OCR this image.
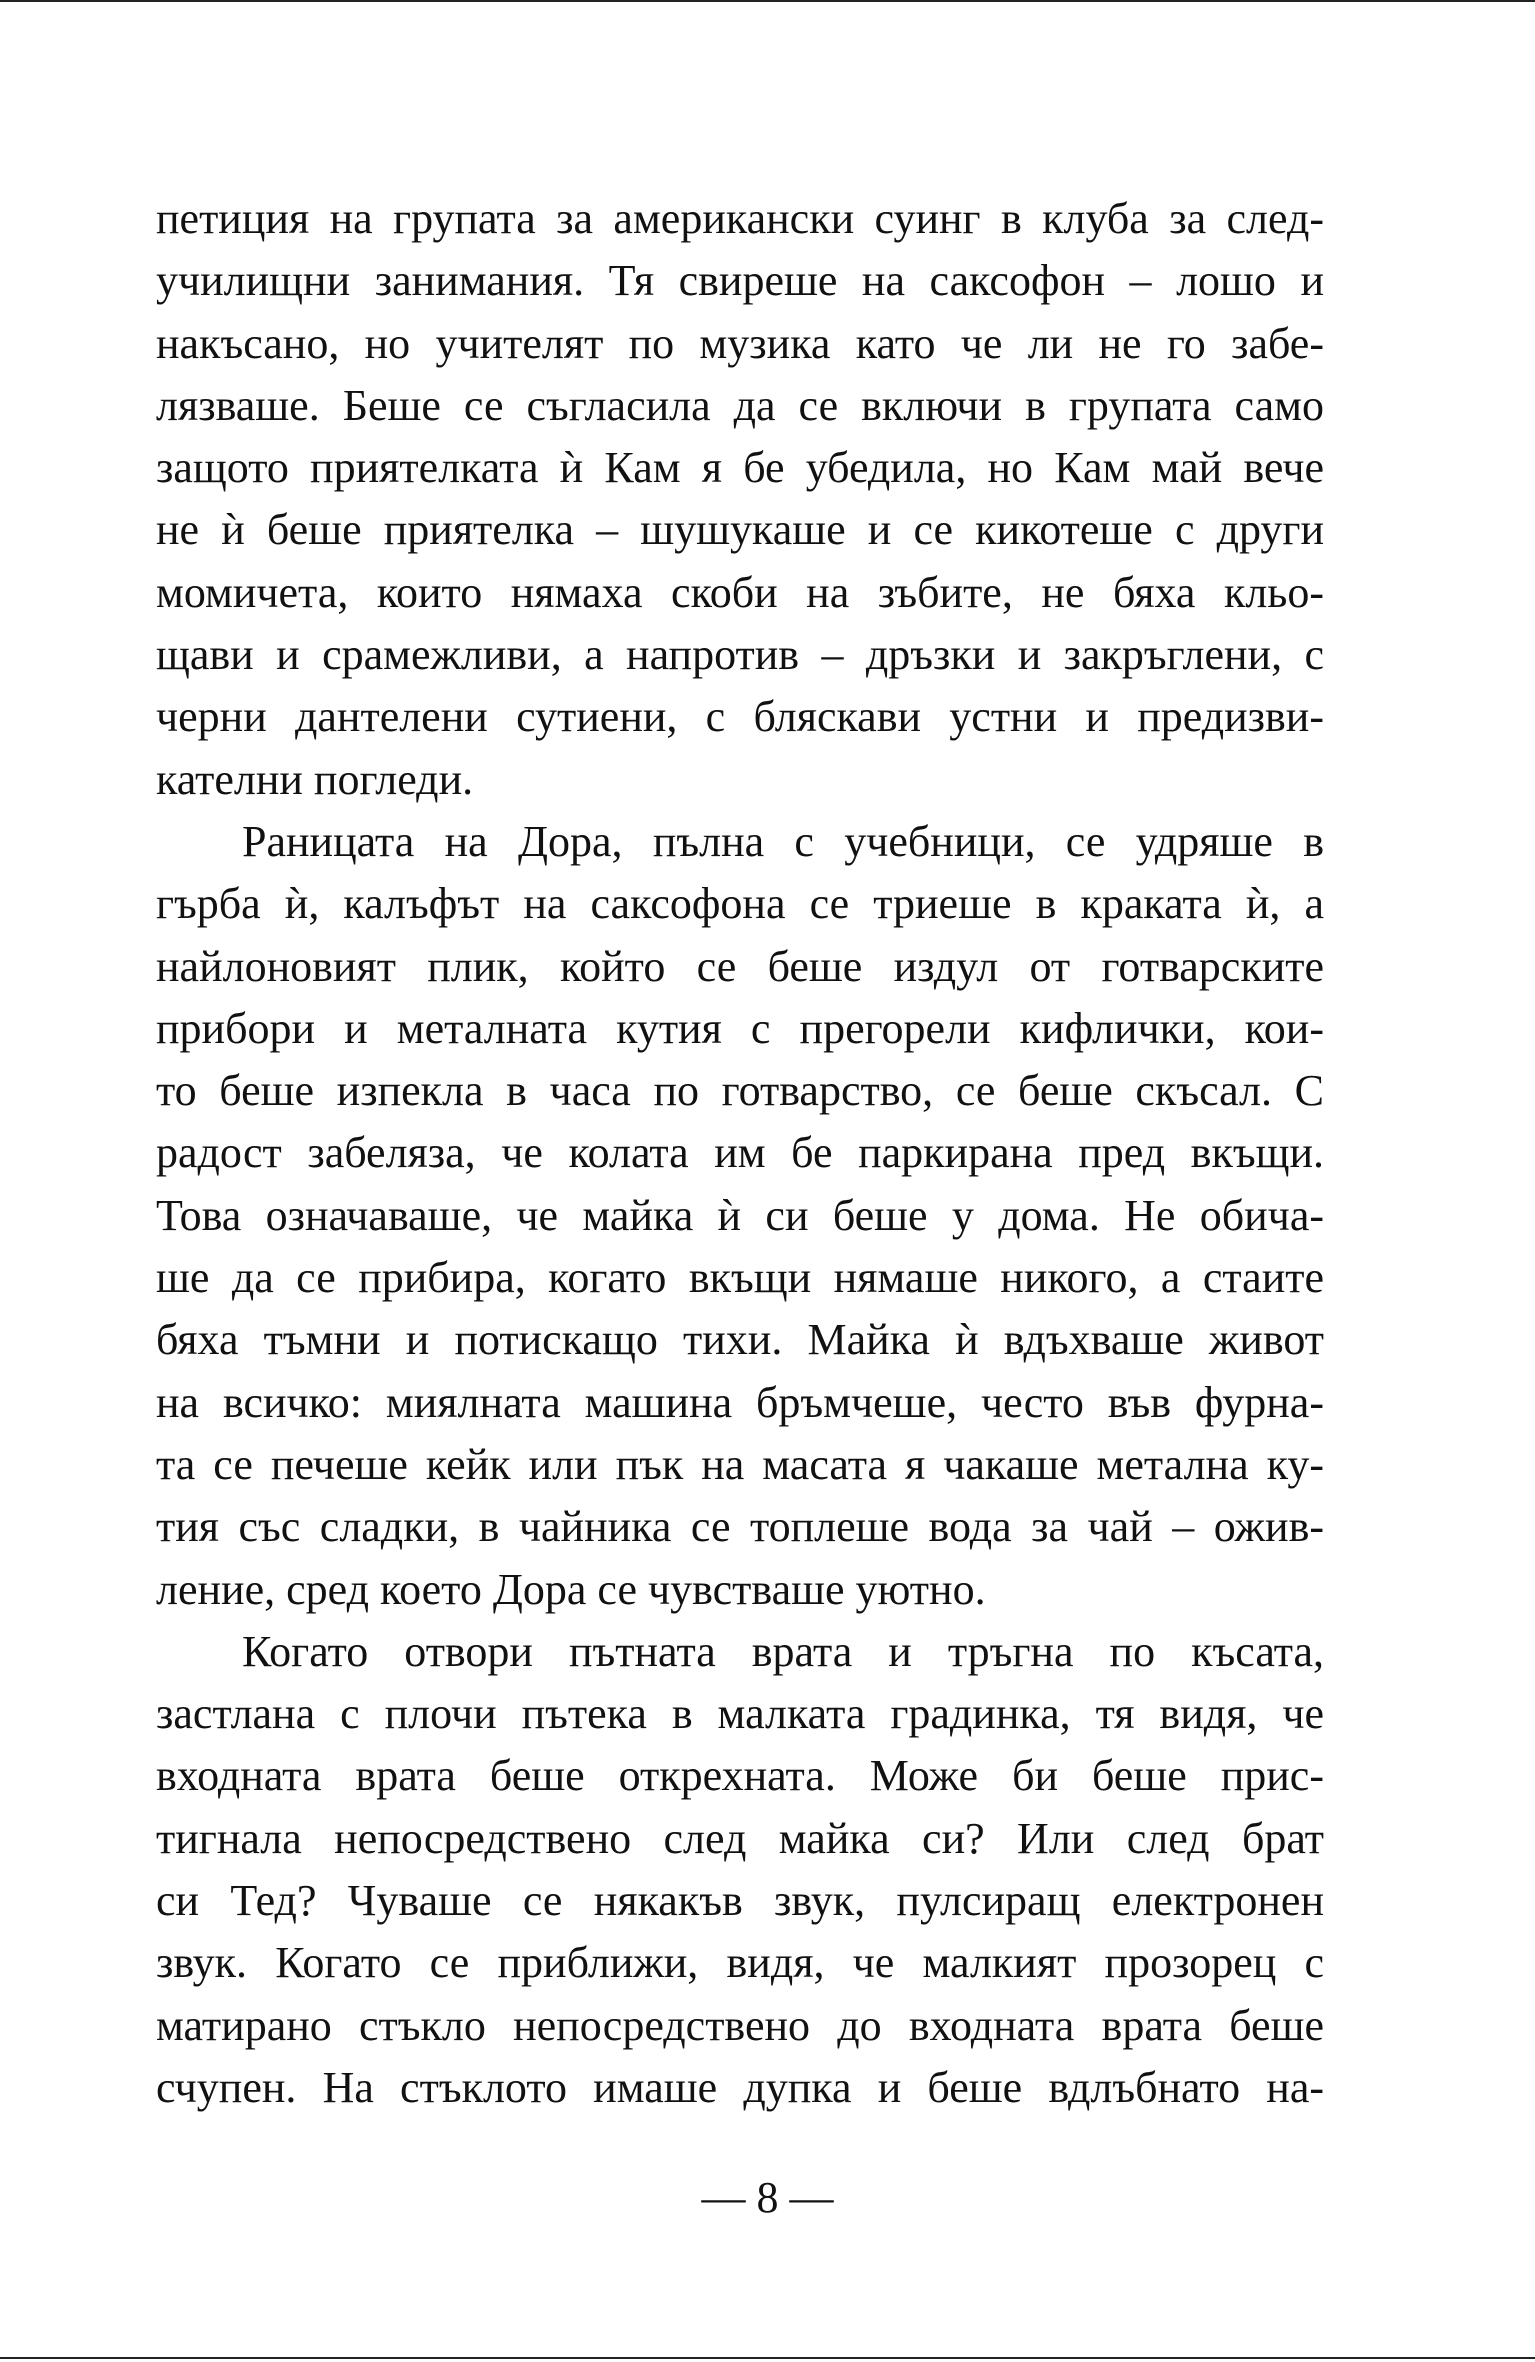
петиция на групата за американски суинг в клуба за след-
училищни занимания. Тя свиреше на саксофон – лошо и
накъсано, но учителят по музика като че ли не го забе-
лязваше. Беше се съгласила да се включи в групата само
защото приятелката ѝ Кам я бе убедила, но Кам май вече
не ѝ беше приятелка – шушукаше и се кикотеше с други
момичета, които нямаха скоби на зъбите, не бяха кльо-
щави и срамежливи, а напротив – дръзки и закръглени, с
черни дантелени сутиени, с бляскави устни и предизви-
кателни погледи.
Раницата на Дора, пълна с учебници, се удряше в
гърба ѝ, калъфът на саксофона се триеше в краката ѝ, а
найлоновият плик, който се беше издул от готварските
прибори и металната кутия с прегорели кифлички, кои-
то беше изпекла в часа по готварство, се беше скъсал. С
радост забеляза, че колата им бе паркирана пред вкъщи.
Това означаваше, че майка ѝ си беше у дома. Не обича-
ше да се прибира, когато вкъщи нямаше никого, а стаите
бяха тъмни и потискащо тихи. Майка ѝ вдъхваше живот
на всичко: миялната машина бръмчеше, често във фурна-
та се печеше кейк или пък на масата я чакаше метална ку-
тия със сладки, в чайника се топлеше вода за чай – ожив-
ление, сред което Дора се чувстваше уютно.
Когато отвори пътната врата и тръгна по късата,
застлана с плочи пътека в малката градинка, тя видя, че
входната врата беше открехната. Може би беше прис-
тигнала непосредствено след майка си? Или след брат
си Тед? Чуваше се някакъв звук, пулсиращ електронен
звук. Когато се приближи, видя, че малкият прозорец с
матирано стъкло непосредствено до входната врата беше
счупен. На стъклото имаше дупка и беше вдлъбнато на-
— 8 —
